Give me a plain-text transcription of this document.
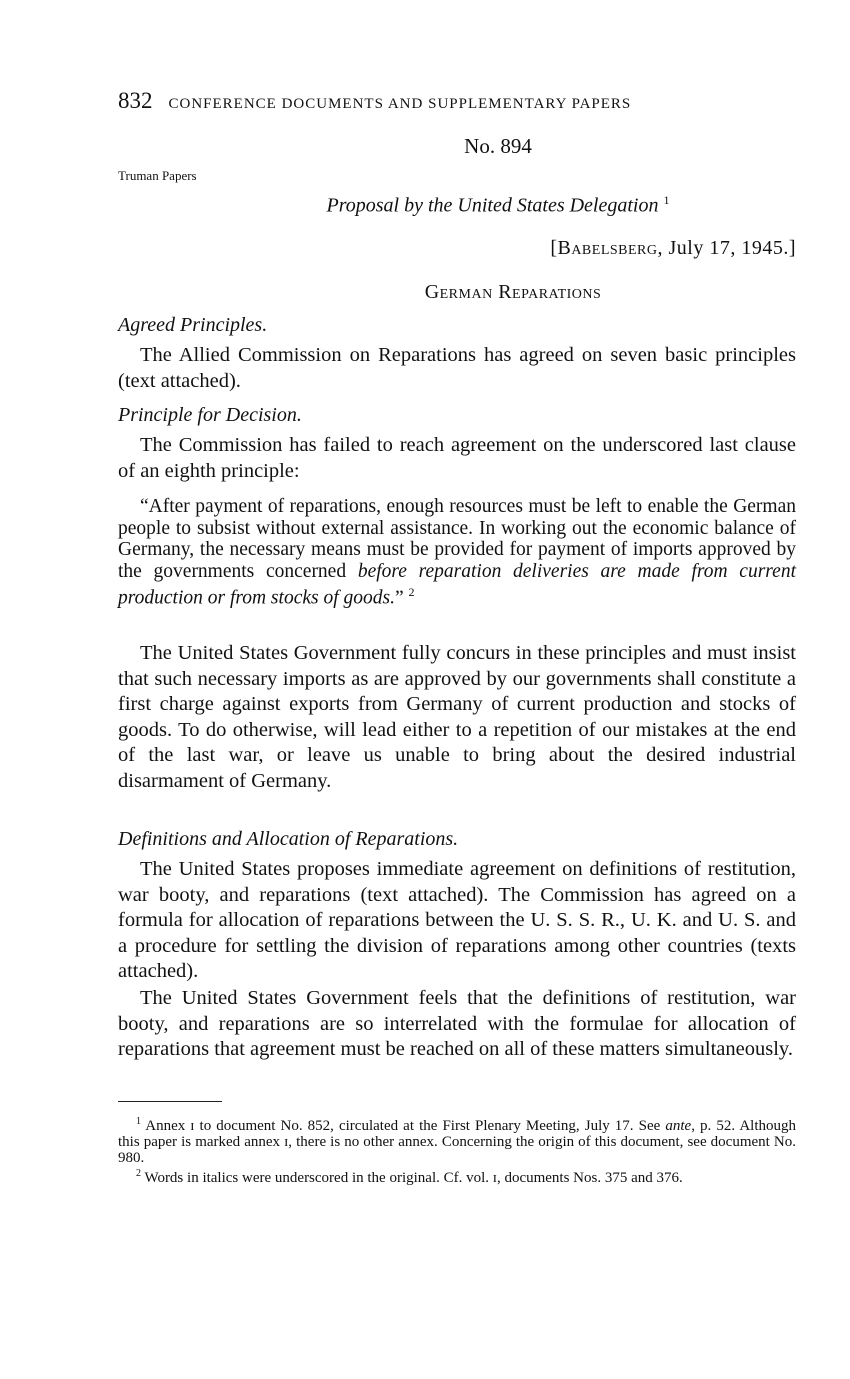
832 CONFERENCE DOCUMENTS AND SUPPLEMENTARY PAPERS
No. 894
Truman Papers
Proposal by the United States Delegation $^1$
[Babelsberg, July 17, 1945.]
German Reparations
Agreed Principles.
The Allied Commission on Reparations has agreed on seven basic principles (text attached).
Principle for Decision.
The Commission has failed to reach agreement on the underscored last clause of an eighth principle:
“After payment of reparations, enough resources must be left to enable the German people to subsist without external assistance. In working out the economic balance of Germany, the necessary means must be provided for payment of imports approved by the governments concerned before reparation deliveries are made from current production or from stocks of goods.” $^2$
The United States Government fully concurs in these principles and must insist that such necessary imports as are approved by our governments shall constitute a first charge against exports from Germany of current production and stocks of goods. To do otherwise, will lead either to a repetition of our mistakes at the end of the last war, or leave us unable to bring about the desired industrial disarmament of Germany.
Definitions and Allocation of Reparations.
The United States proposes immediate agreement on definitions of restitution, war booty, and reparations (text attached). The Commission has agreed on a formula for allocation of reparations between the U. S. S. R., U. K. and U. S. and a procedure for settling the division of reparations among other countries (texts attached).
The United States Government feels that the definitions of restitution, war booty, and reparations are so interrelated with the formulae for allocation of reparations that agreement must be reached on all of these matters simultaneously.
$^1$ Annex ɪ to document No. 852, circulated at the First Plenary Meeting, July 17. See ante, p. 52. Although this paper is marked annex ɪ, there is no other annex. Concerning the origin of this document, see document No. 980.
$^2$ Words in italics were underscored in the original. Cf. vol. ɪ, documents Nos. 375 and 376.
